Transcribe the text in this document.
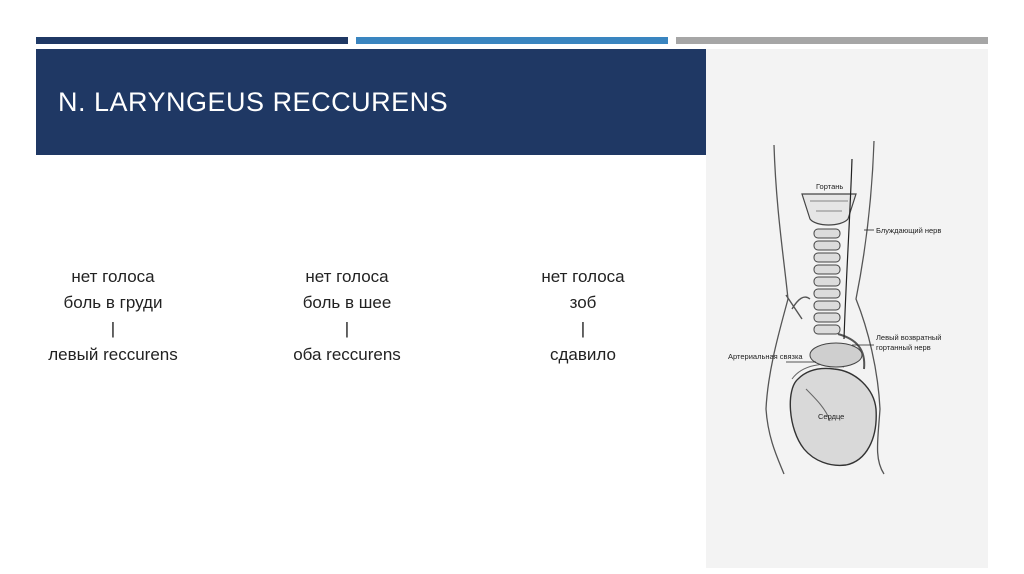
N. LARYNGEUS RECCURENS
нет голоса
боль в груди
|
левый reccurens
нет голоса
боль в шее
|
оба reccurens
нет голоса
зоб
|
сдавило
Гортань
Блуждающий нерв
Левый возвратный
гортанный нерв
Артериальная связка
Сердце
